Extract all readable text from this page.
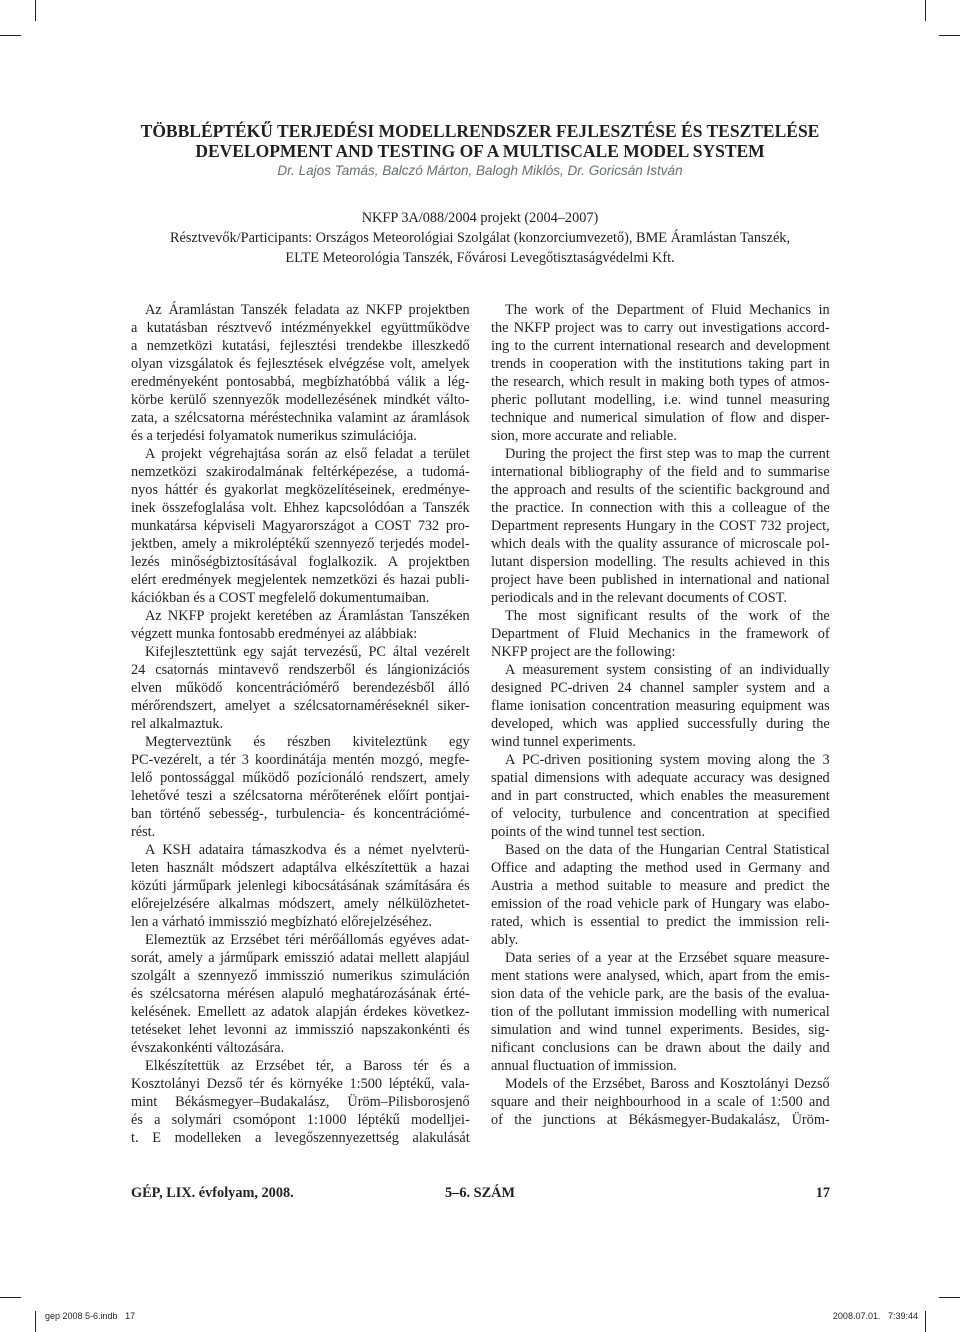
TÖBBLÉPTÉKŰ TERJEDÉSI MODELLRENDSZER FEJLESZTÉSE ÉS TESZTELÉSE
DEVELOPMENT AND TESTING OF A MULTISCALE MODEL SYSTEM
Dr. Lajos Tamás, Balczó Márton, Balogh Miklós, Dr. Goricsán István
NKFP 3A/088/2004 projekt (2004–2007)
Résztvevők/Participants: Országos Meteorológiai Szolgálat (konzorciumvezető), BME Áramlástan Tanszék,
ELTE Meteorológia Tanszék, Fővárosi Levegőtisztaságvédelmi Kft.
Az Áramlástan Tanszék feladata az NKFP projektben
a kutatásban résztvevő intézményekkel együttműködve
a nemzetközi kutatási, fejlesztési trendekbe illeszkedő
olyan vizsgálatok és fejlesztések elvégzése volt, amelyek
eredményeként pontosabbá, megbízhatóbbá válik a lég-
körbe kerülő szennyezők modellezésének mindkét válto-
zata, a szélcsatorna méréstechnika valamint az áramlások
és a terjedési folyamatok numerikus szimulációja.
A projekt végrehajtása során az első feladat a terület
nemzetközi szakirodalmának feltérképezése, a tudomá-
nyos háttér és gyakorlat megközelítéseinek, eredménye-
inek összefoglalása volt. Ehhez kapcsolódóan a Tanszék
munkatársa képviseli Magyarországot a COST 732 pro-
jektben, amely a mikroléptékű szennyező terjedés model-
lezés minőségbiztosításával foglalkozik. A projektben
elért eredmények megjelentek nemzetközi és hazai publi-
kációkban és a COST megfelelő dokumentumaiban.
Az NKFP projekt keretében az Áramlástan Tanszéken
végzett munka fontosabb eredményei az alábbiak:
Kifejlesztettünk egy saját tervezésű, PC által vezérelt
24 csatornás mintavevő rendszerből és lángionizációs
elven működő koncentrációmérő berendezésből álló
mérőrendszert, amelyet a szélcsatornaméréseknél siker-
rel alkalmaztuk.
Megterveztünk és részben kiviteleztünk egy
PC-vezérelt, a tér 3 koordinátája mentén mozgó, megfe-
lelő pontossággal működő pozícionáló rendszert, amely
lehetővé teszi a szélcsatorna mérőterének előírt pontjai-
ban történő sebesség-, turbulencia- és koncentrációmé-
rést.
A KSH adataira támaszkodva és a német nyelvterü-
leten használt módszert adaptálva elkészítettük a hazai
közúti járműpark jelenlegi kibocsátásának számítására és
előrejelzésére alkalmas módszert, amely nélkülözhetet-
len a várható immisszió megbízható előrejelzéséhez.
Elemeztük az Erzsébet téri mérőállomás egyéves adat-
sorát, amely a járműpark emisszió adatai mellett alapjául
szolgált a szennyező immisszió numerikus szimuláción
és szélcsatorna mérésen alapuló meghatározásának érté-
kelésének. Emellett az adatok alapján érdekes következ-
tetéseket lehet levonni az immisszió napszakonkénti és
évszakonkénti változására.
Elkészítettük az Erzsébet tér, a Baross tér és a
Kosztolányi Dezső tér és környéke 1:500 léptékű, vala-
mint Békásmegyer–Budakalász, Üröm–Pilisborosjenő
és a solymári csomópont 1:1000 léptékű modelljei-
t. E modelleken a levegőszennyezettség alakulását
The work of the Department of Fluid Mechanics in
the NKFP project was to carry out investigations accord-
ing to the current international research and development
trends in cooperation with the institutions taking part in
the research, which result in making both types of atmos-
pheric pollutant modelling, i.e. wind tunnel measuring
technique and numerical simulation of flow and disper-
sion, more accurate and reliable.
During the project the first step was to map the current
international bibliography of the field and to summarise
the approach and results of the scientific background and
the practice. In connection with this a colleague of the
Department represents Hungary in the COST 732 project,
which deals with the quality assurance of microscale pol-
lutant dispersion modelling. The results achieved in this
project have been published in international and national
periodicals and in the relevant documents of COST.
The most significant results of the work of the
Department of Fluid Mechanics in the framework of
NKFP project are the following:
A measurement system consisting of an individually
designed PC-driven 24 channel sampler system and a
flame ionisation concentration measuring equipment was
developed, which was applied successfully during the
wind tunnel experiments.
A PC-driven positioning system moving along the 3
spatial dimensions with adequate accuracy was designed
and in part constructed, which enables the measurement
of velocity, turbulence and concentration at specified
points of the wind tunnel test section.
Based on the data of the Hungarian Central Statistical
Office and adapting the method used in Germany and
Austria a method suitable to measure and predict the
emission of the road vehicle park of Hungary was elabo-
rated, which is essential to predict the immission reli-
ably.
Data series of a year at the Erzsébet square measure-
ment stations were analysed, which, apart from the emis-
sion data of the vehicle park, are the basis of the evalua-
tion of the pollutant immission modelling with numerical
simulation and wind tunnel experiments. Besides, sig-
nificant conclusions can be drawn about the daily and
annual fluctuation of immission.
Models of the Erzsébet, Baross and Kosztolányi Dezső
square and their neighbourhood in a scale of 1:500 and
of the junctions at Békásmegyer-Budakalász, Üröm-
GÉP, LIX. évfolyam, 2008.	5–6. SZÁM	17
gep 2008 5-6.indb   17	2008.07.01.   7:39:44
